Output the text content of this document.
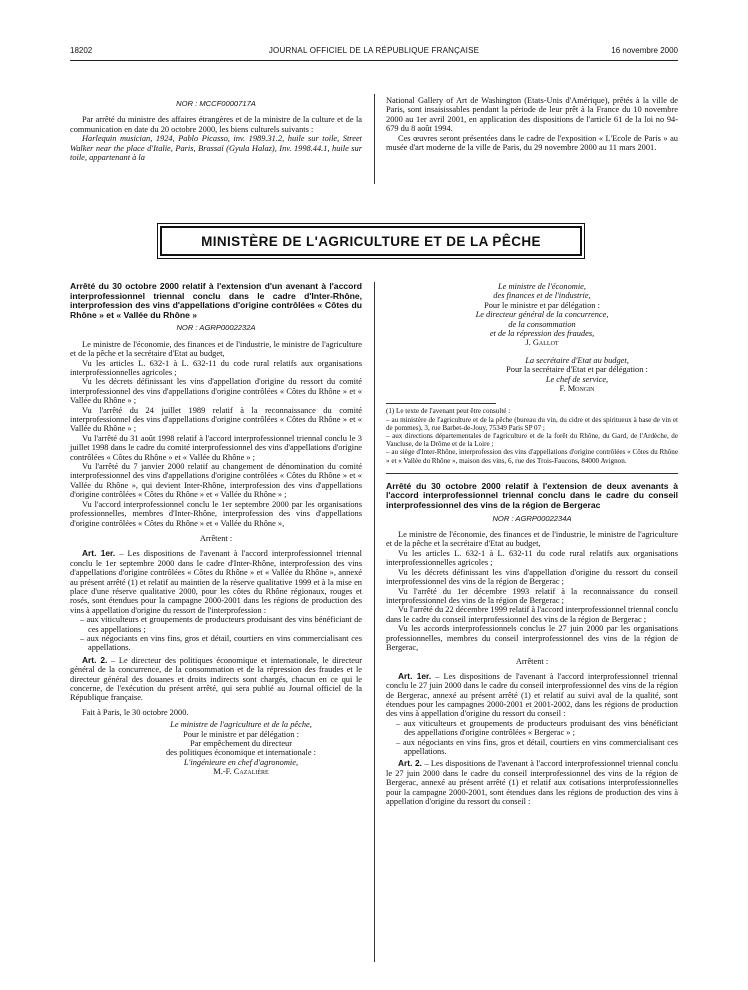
18202	JOURNAL OFFICIEL DE LA RÉPUBLIQUE FRANÇAISE	16 novembre 2000
NOR : MCCF0000717A

Par arrêté du ministre des affaires étrangères et de la ministre de la culture et de la communication en date du 20 octobre 2000, les biens culturels suivants :

Harlequin musician, 1924, Pablo Picasso, inv. 1989.31.2, huile sur toile, Street Walker near the place d'Italie, Paris, Brassaï (Gyula Halaz), Inv. 1998.44.1, huile sur toile, appartenant à la

National Gallery of Art de Washington (Etats-Unis d'Amérique), prêtés à la ville de Paris, sont insaisissables pendant la période de leur prêt à la France du 10 novembre 2000 au 1er avril 2001, en application des dispositions de l'article 61 de la loi no 94-679 du 8 août 1994.

Ces œuvres seront présentées dans le cadre de l'exposition « L'Ecole de Paris » au musée d'art moderne de la ville de Paris, du 29 novembre 2000 au 11 mars 2001.

MINISTÈRE DE L'AGRICULTURE ET DE LA PÊCHE
Arrêté du 30 octobre 2000 relatif à l'extension d'un avenant à l'accord interprofessionnel triennal conclu dans le cadre d'Inter-Rhône, interprofession des vins d'appellations d'origine contrôlées « Côtes du Rhône » et « Vallée du Rhône »
NOR : AGRP0002232A

Le ministre de l'économie, des finances et de l'industrie, le ministre de l'agriculture et de la pêche et la secrétaire d'Etat au budget,

Vu les articles L. 632-1 à L. 632-11 du code rural relatifs aux organisations interprofessionnelles agricoles ;

Vu les décrets définissant les vins d'appellation d'origine du ressort du comité interprofessionnel des vins d'appellations d'origine contrôlées « Côtes du Rhône » et « Vallée du Rhône » ;

Vu l'arrêté du 24 juillet 1989 relatif à la reconnaissance du comité interprofessionnel des vins d'appellations d'origine contrôlées « Côtes du Rhône » et « Vallée du Rhône » ;

Vu l'arrêté du 31 août 1998 relatif à l'accord interprofessionnel triennal conclu le 3 juillet 1998 dans le cadre du comité interprofessionnel des vins d'appellations d'origine contrôlées « Côtes du Rhône » et « Vallée du Rhône » ;

Vu l'arrêté du 7 janvier 2000 relatif au changement de dénomination du comité interprofessionnel des vins d'appellations d'origine contrôlées « Côtes du Rhône » et « Vallée du Rhône », qui devient Inter-Rhône, interprofession des vins d'appellations d'origine contrôlées « Côtes du Rhône » et « Vallée du Rhône » ;

Vu l'accord interprofessionnel conclu le 1er septembre 2000 par les organisations professionnelles, membres d'Inter-Rhône, interprofession des vins d'appellations d'origine contrôlées « Côtes du Rhône » et « Vallée du Rhône »,

Arrêtent :

Art. 1er. – Les dispositions de l'avenant à l'accord interprofessionnel triennal conclu le 1er septembre 2000 dans le cadre d'Inter-Rhône, interprofession des vins d'appellations d'origine contrôlées « Côtes du Rhône » et « Vallée du Rhône », annexé au présent arrêté (1) et relatif au maintien de la réserve qualitative 1999 et à la mise en place d'une réserve qualitative 2000, pour les côtes du Rhône régionaux, rouges et rosés, sont étendues pour la campagne 2000-2001 dans les régions de production des vins à appellation d'origine du ressort de l'interprofession :

– aux viticulteurs et groupements de producteurs produisant des vins bénéficiant de ces appellations ;
– aux négociants en vins fins, gros et détail, courtiers en vins commercialisant ces appellations.

Art. 2. – Le directeur des politiques économique et internationale, le directeur général de la concurrence, de la consommation et de la répression des fraudes et le directeur général des douanes et droits indirects sont chargés, chacun en ce qui le concerne, de l'exécution du présent arrêté, qui sera publié au Journal officiel de la République française.

Fait à Paris, le 30 octobre 2000.

Le ministre de l'agriculture et de la pêche,

Pour le ministre et par délégation :

Par empêchement du directeur

des politiques économique et internationale :

L'ingénieure en chef d'agronomie,

M.-F. Cazalière

Le ministre de l'économie,

des finances et de l'industrie,

Pour le ministre et par délégation :

Le directeur général de la concurrence,

de la consommation

et de la répression des fraudes,

J. Gallot

La secrétaire d'Etat au budget,

Pour la secrétaire d'Etat et par délégation :

Le chef de service,

F. Mongin

(1) Le texte de l'avenant peut être consulté :

– au ministère de l'agriculture et de la pêche (bureau du vin, du cidre et des spiritueux à base de vin et de pommes), 3, rue Barbet-de-Jouy, 75349 Paris SP 07 ;

– aux directions départementales de l'agriculture et de la forêt du Rhône, du Gard, de l'Ardèche, de Vaucluse, de la Drôme et de la Loire ;

– au siège d'Inter-Rhône, interprofession des vins d'appellations d'origine contrôlées « Côtes du Rhône » et « Vallée du Rhône », maison des vins, 6, rue des Trois-Faucons, 84000 Avignon.

Arrêté du 30 octobre 2000 relatif à l'extension de deux avenants à l'accord interprofessionnel triennal conclu dans le cadre du conseil interprofessionnel des vins de la région de Bergerac
NOR : AGRP0002234A

Le ministre de l'économie, des finances et de l'industrie, le ministre de l'agriculture et de la pêche et la secrétaire d'Etat au budget,

Vu les articles L. 632-1 à L. 632-11 du code rural relatifs aux organisations interprofessionnelles agricoles ;

Vu les décrets définissant les vins d'appellation d'origine du ressort du conseil interprofessionnel des vins de la région de Bergerac ;

Vu l'arrêté du 1er décembre 1993 relatif à la reconnaissance du conseil interprofessionnel des vins de la région de Bergerac ;

Vu l'arrêté du 22 décembre 1999 relatif à l'accord interprofessionnel triennal conclu dans le cadre du conseil interprofessionnel des vins de la région de Bergerac ;

Vu les accords interprofessionnels conclus le 27 juin 2000 par les organisations professionnelles, membres du conseil interprofessionnel des vins de la région de Bergerac,

Arrêtent :

Art. 1er. – Les dispositions de l'avenant à l'accord interprofessionnel triennal conclu le 27 juin 2000 dans le cadre du conseil interprofessionnel des vins de la région de Bergerac, annexé au présent arrêté (1) et relatif au suivi aval de la qualité, sont étendues pour les campagnes 2000-2001 et 2001-2002, dans les régions de production des vins à appellation d'origine du ressort du conseil :

– aux viticulteurs et groupements de producteurs produisant des vins bénéficiant des appellations d'origine contrôlées « Bergerac » ;
– aux négociants en vins fins, gros et détail, courtiers en vins commercialisant ces appellations.

Art. 2. – Les dispositions de l'avenant à l'accord interprofessionnel triennal conclu le 27 juin 2000 dans le cadre du conseil interprofessionnel des vins de la région de Bergerac, annexé au présent arrêté (1) et relatif aux cotisations interprofessionnelles pour la campagne 2000-2001, sont étendues dans les régions de production des vins à appellation d'origine du ressort du conseil :
